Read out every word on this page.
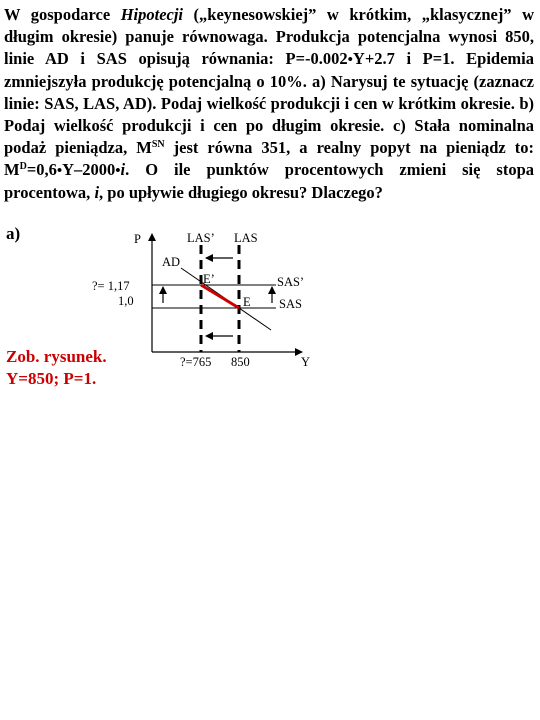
W gospodarce Hipotecji („keynesowskiej” w krótkim, „klasycznej” w długim okresie) panuje równowaga. Produkcja potencjalna wynosi 850, linie AD i SAS opisują równania: P=-0.002•Y+2.7 i P=1. Epidemia zmniejszyła produkcję potencjalną o 10%. a) Narysuj te sytuację (zaznacz linie: SAS, LAS, AD). Podaj wielkość produkcji i cen w krótkim okresie. b) Podaj wielkość produkcji i cen po długim okresie. c) Stała nominalna podaż pieniądza, $M^{SN}$ jest równa 351, a realny popyt na pieniądz to: $M^D=0,6•Y-2000•i$. O ile punktów procentowych zmieni się stopa procentowa, i, po upływie długiego okresu? Dlaczego?

a)	P
Y
LAS’ LAS
AD
SAS’
SAS
E’
E
?= 1,17
1,0
?=765 850
Zob. rysunek.
Y=850; P=1.
